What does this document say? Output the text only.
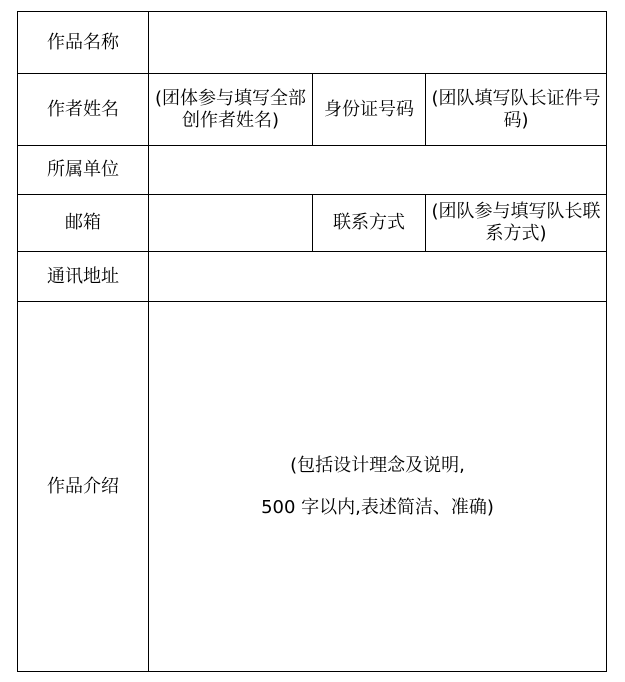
作品名称			
作者姓名	(团体参与填写全部创作者姓名)	身份证号码	(团队填写队长证件号码)
所属单位			
邮箱		联系方式	(团队参与填写队长联系方式)
通讯地址			
作品介绍	(包括设计理念及说明,
500 字以内,表述简洁、准确)		
